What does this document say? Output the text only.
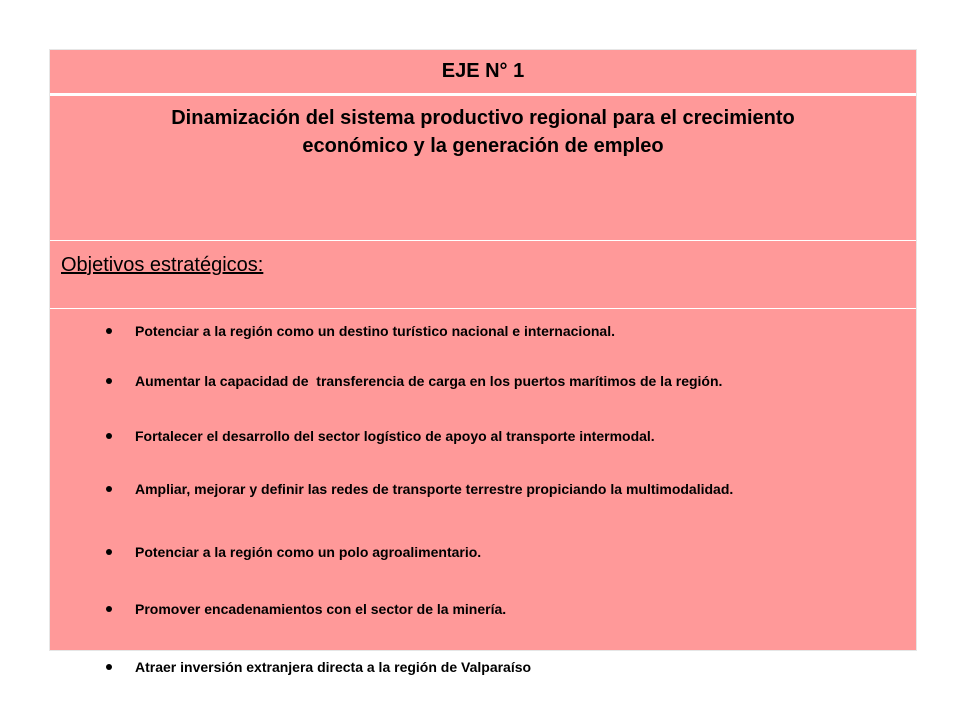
EJE N° 1
Dinamización del sistema productivo regional para el crecimiento
económico y la generación de empleo
Objetivos estratégicos:
Potenciar a la región como un destino turístico nacional e internacional.
Aumentar la capacidad de  transferencia de carga en los puertos marítimos de la región.
Fortalecer el desarrollo del sector logístico de apoyo al transporte intermodal.
Ampliar, mejorar y definir las redes de transporte terrestre propiciando la multimodalidad.
Potenciar a la región como un polo agroalimentario.
Promover encadenamientos con el sector de la minería.
Atraer inversión extranjera directa a la región de Valparaíso
